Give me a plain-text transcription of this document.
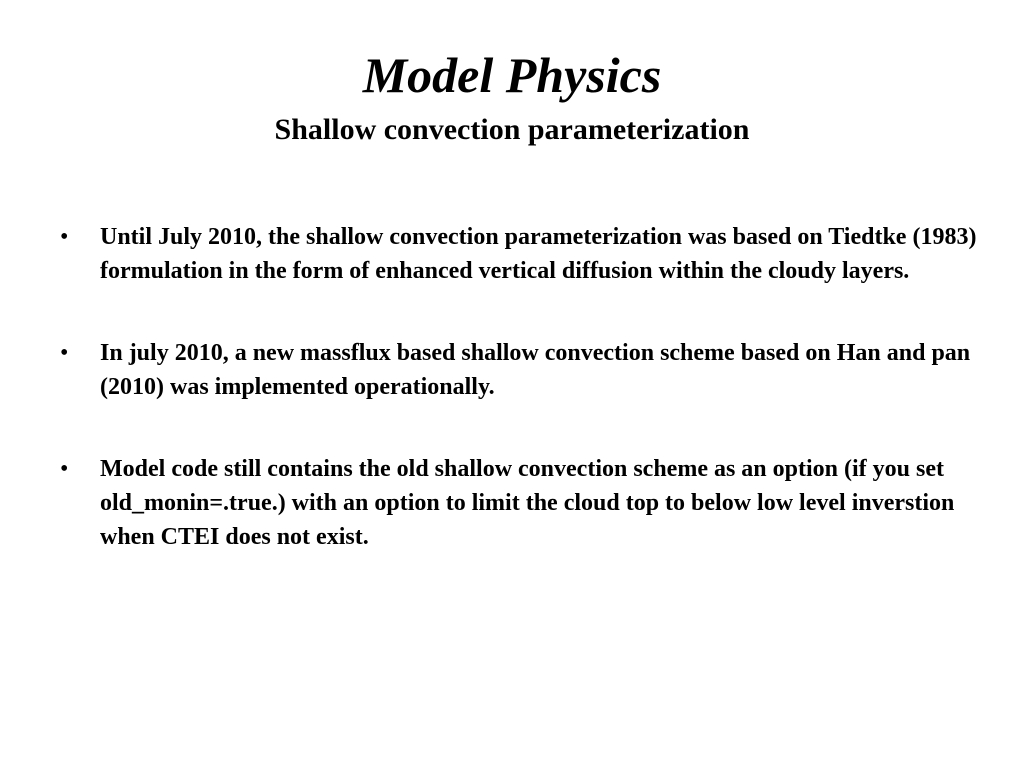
Model Physics
Shallow convection parameterization
• Until July 2010, the shallow convection parameterization was based on Tiedtke (1983) formulation in the form of enhanced vertical diffusion within the cloudy layers.
• In july 2010, a new massflux based shallow convection scheme based on Han and pan (2010) was implemented operationally.
• Model code still contains the old shallow convection scheme as an option (if you set old_monin=.true.) with an option to limit the cloud top to below low level inverstion when CTEI does not exist.
